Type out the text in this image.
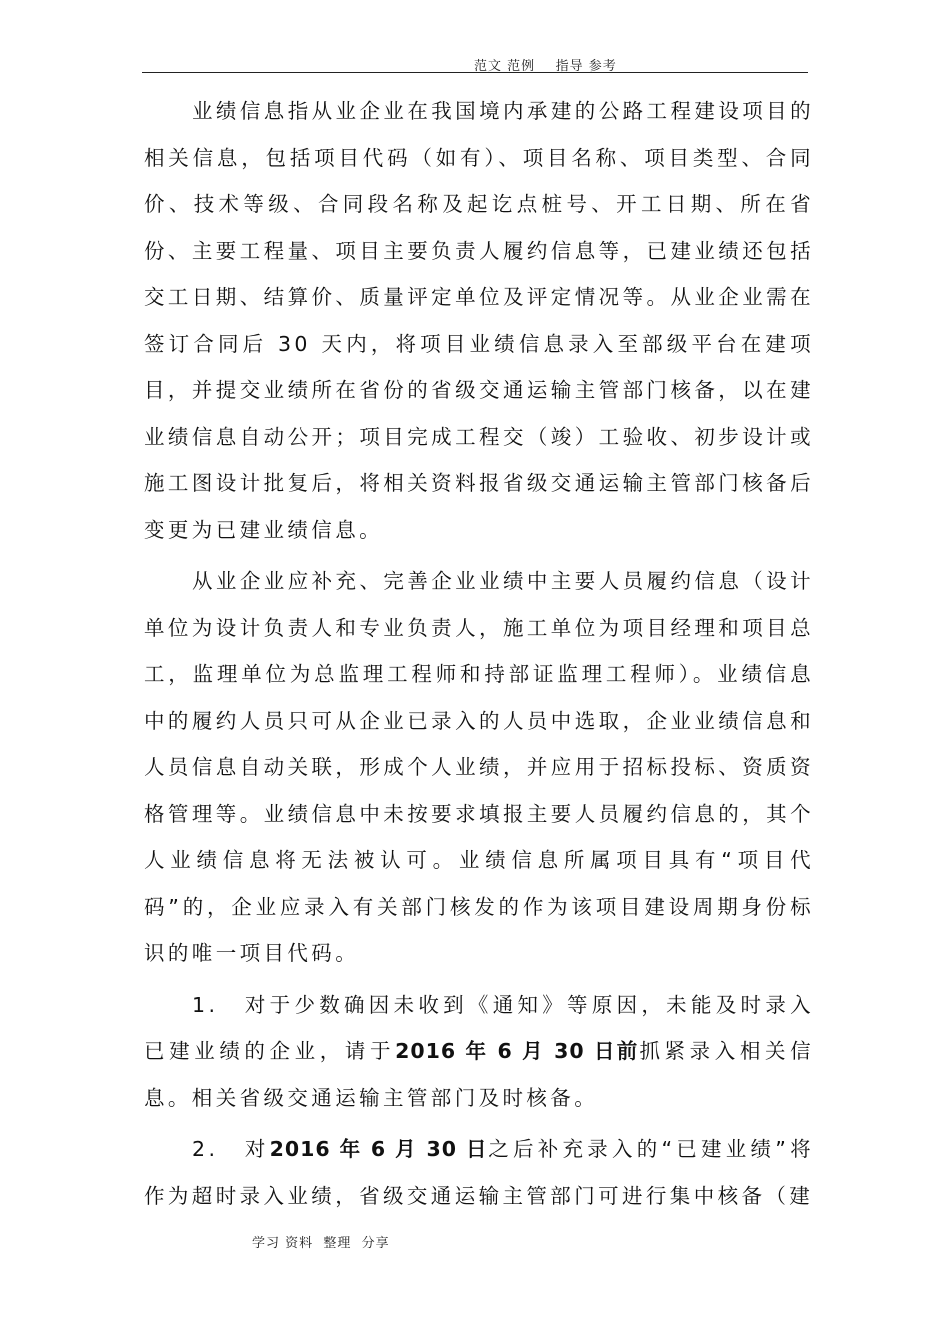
范文 范例    指导 参考

业绩信息指从业企业在我国境内承建的公路工程建设项目的相关信息，包括项目代码（如有）、项目名称、项目类型、合同价、技术等级、合同段名称及起讫点桩号、开工日期、所在省份、主要工程量、项目主要负责人履约信息等，已建业绩还包括交工日期、结算价、质量评定单位及评定情况等。从业企业需在签订合同后 30 天内，将项目业绩信息录入至部级平台在建项目，并提交业绩所在省份的省级交通运输主管部门核备，以在建业绩信息自动公开；项目完成工程交（竣）工验收、初步设计或施工图设计批复后，将相关资料报省级交通运输主管部门核备后变更为已建业绩信息。

从业企业应补充、完善企业业绩中主要人员履约信息（设计单位为设计负责人和专业负责人，施工单位为项目经理和项目总工，监理单位为总监理工程师和持部证监理工程师）。业绩信息中的履约人员只可从企业已录入的人员中选取，企业业绩信息和人员信息自动关联，形成个人业绩，并应用于招标投标、资质资格管理等。业绩信息中未按要求填报主要人员履约信息的，其个人业绩信息将无法被认可。业绩信息所属项目具有“项目代码”的，企业应录入有关部门核发的作为该项目建设周期身份标识的唯一项目代码。

1. 对于少数确因未收到《通知》等原因，未能及时录入已建业绩的企业，请于2016 年 6 月 30 日前抓紧录入相关信息。相关省级交通运输主管部门及时核备。

2. 对2016 年 6 月 30 日之后补充录入的“已建业绩”将作为超时录入业绩，省级交通运输主管部门可进行集中核备（建

学习 资料  整理  分享
